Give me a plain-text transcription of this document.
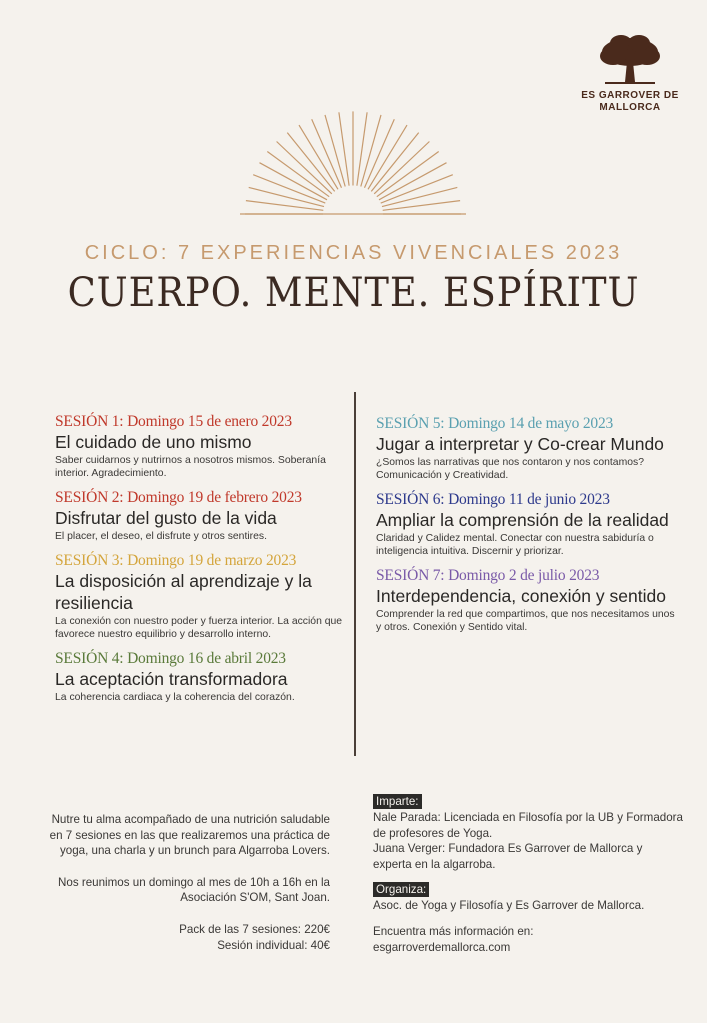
ES GARROVER DE
MALLORCA
CICLO: 7 EXPERIENCIAS VIVENCIALES 2023
CUERPO. MENTE. ESPÍRITU
SESIÓN 1: Domingo 15 de enero 2023
El cuidado de uno mismo
Saber cuidarnos y nutrirnos a nosotros mismos. Soberanía interior. Agradecimiento.
SESIÓN 2: Domingo 19 de febrero 2023
Disfrutar del gusto de la vida
El placer, el deseo, el disfrute y otros sentires.
SESIÓN 3: Domingo 19 de marzo 2023
La disposición al aprendizaje y la resiliencia
La conexión con nuestro poder y fuerza interior. La acción que favorece nuestro equilibrio y desarrollo interno.
SESIÓN 4: Domingo 16 de abril 2023
La aceptación transformadora
La coherencia cardiaca y la coherencia del corazón.
SESIÓN 5: Domingo 14 de mayo 2023
Jugar a interpretar y Co-crear Mundo
¿Somos las narrativas que nos contaron y nos contamos? Comunicación y Creatividad.
SESIÓN 6: Domingo 11 de junio 2023
Ampliar la comprensión de la realidad
Claridad y Calidez mental. Conectar con nuestra sabiduría o inteligencia intuitiva. Discernir y priorizar.
SESIÓN 7: Domingo 2 de julio 2023
Interdependencia, conexión y sentido
Comprender la red que compartimos, que nos necesitamos unos y otros. Conexión y Sentido vital.

Nutre tu alma acompañado de una nutrición saludable en 7 sesiones en las que realizaremos una práctica de yoga, una charla y un brunch para Algarroba Lovers.

Nos reunimos un domingo al mes de 10h a 16h en la Asociación S'OM, Sant Joan.

Pack de las 7 sesiones: 220€
Sesión individual: 40€
Imparte:
Nale Parada: Licenciada en Filosofía por la UB y Formadora de profesores de Yoga.
Juana Verger: Fundadora Es Garrover de Mallorca y experta en la algarroba.
Organiza:
Asoc. de Yoga y Filosofía y Es Garrover de Mallorca.
Encuentra más información en:
esgarroverdemallorca.com
